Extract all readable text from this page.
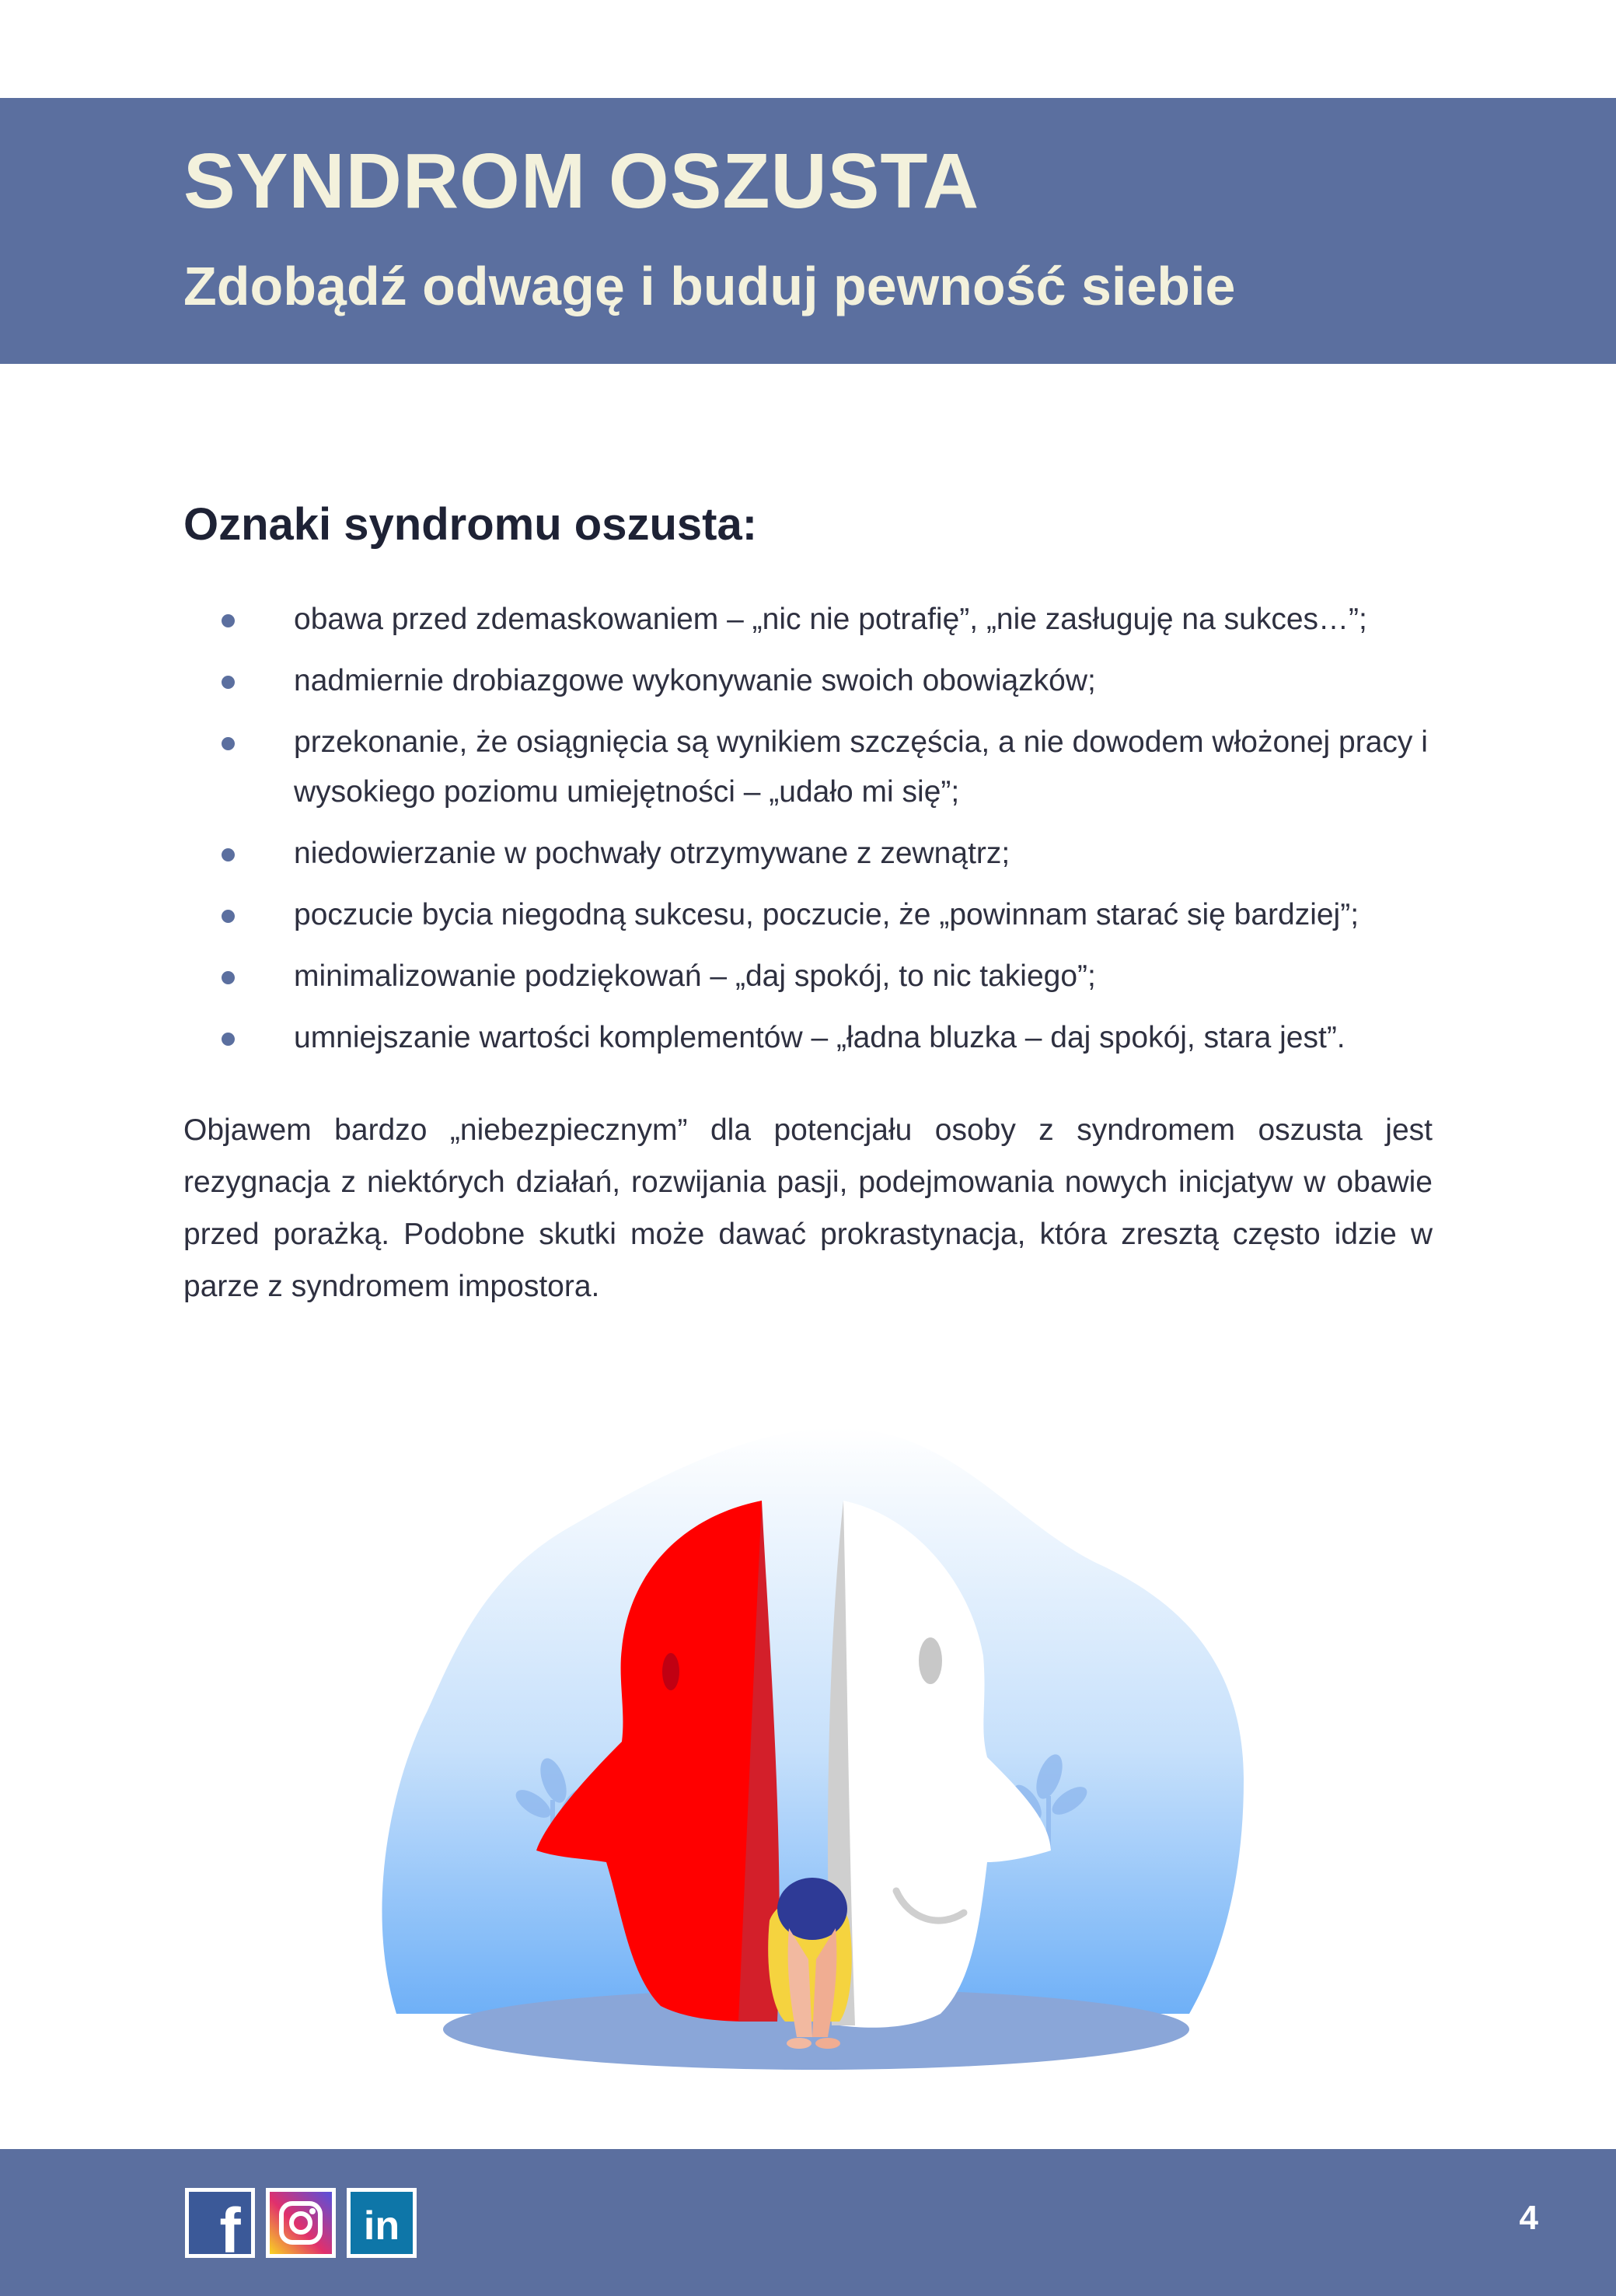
SYNDROM OSZUSTA
Zdobądź odwagę i buduj pewność siebie
Oznaki syndromu oszusta:
obawa przed zdemaskowaniem – „nic nie potrafię”, „nie zasługuję na sukces…”;
nadmiernie drobiazgowe wykonywanie swoich obowiązków;
przekonanie, że osiągnięcia są wynikiem szczęścia, a nie dowodem włożonej pracy i wysokiego poziomu umiejętności – „udało mi się”;
niedowierzanie w pochwały otrzymywane z zewnątrz;
poczucie bycia niegodną sukcesu, poczucie, że „powinnam starać się bardziej”;
minimalizowanie podziękowań – „daj spokój, to nic takiego”;
umniejszanie wartości komplementów – „ładna bluzka – daj spokój, stara jest”.

Objawem bardzo „niebezpiecznym” dla potencjału osoby z syndromem oszusta jest rezygnacja z niektórych działań, rozwijania pasji, podejmowania nowych inicjatyw w obawie przed porażką. Podobne skutki może dawać prokrastynacja, która zresztą często idzie w parze z syndromem impostora.

f	in	4
